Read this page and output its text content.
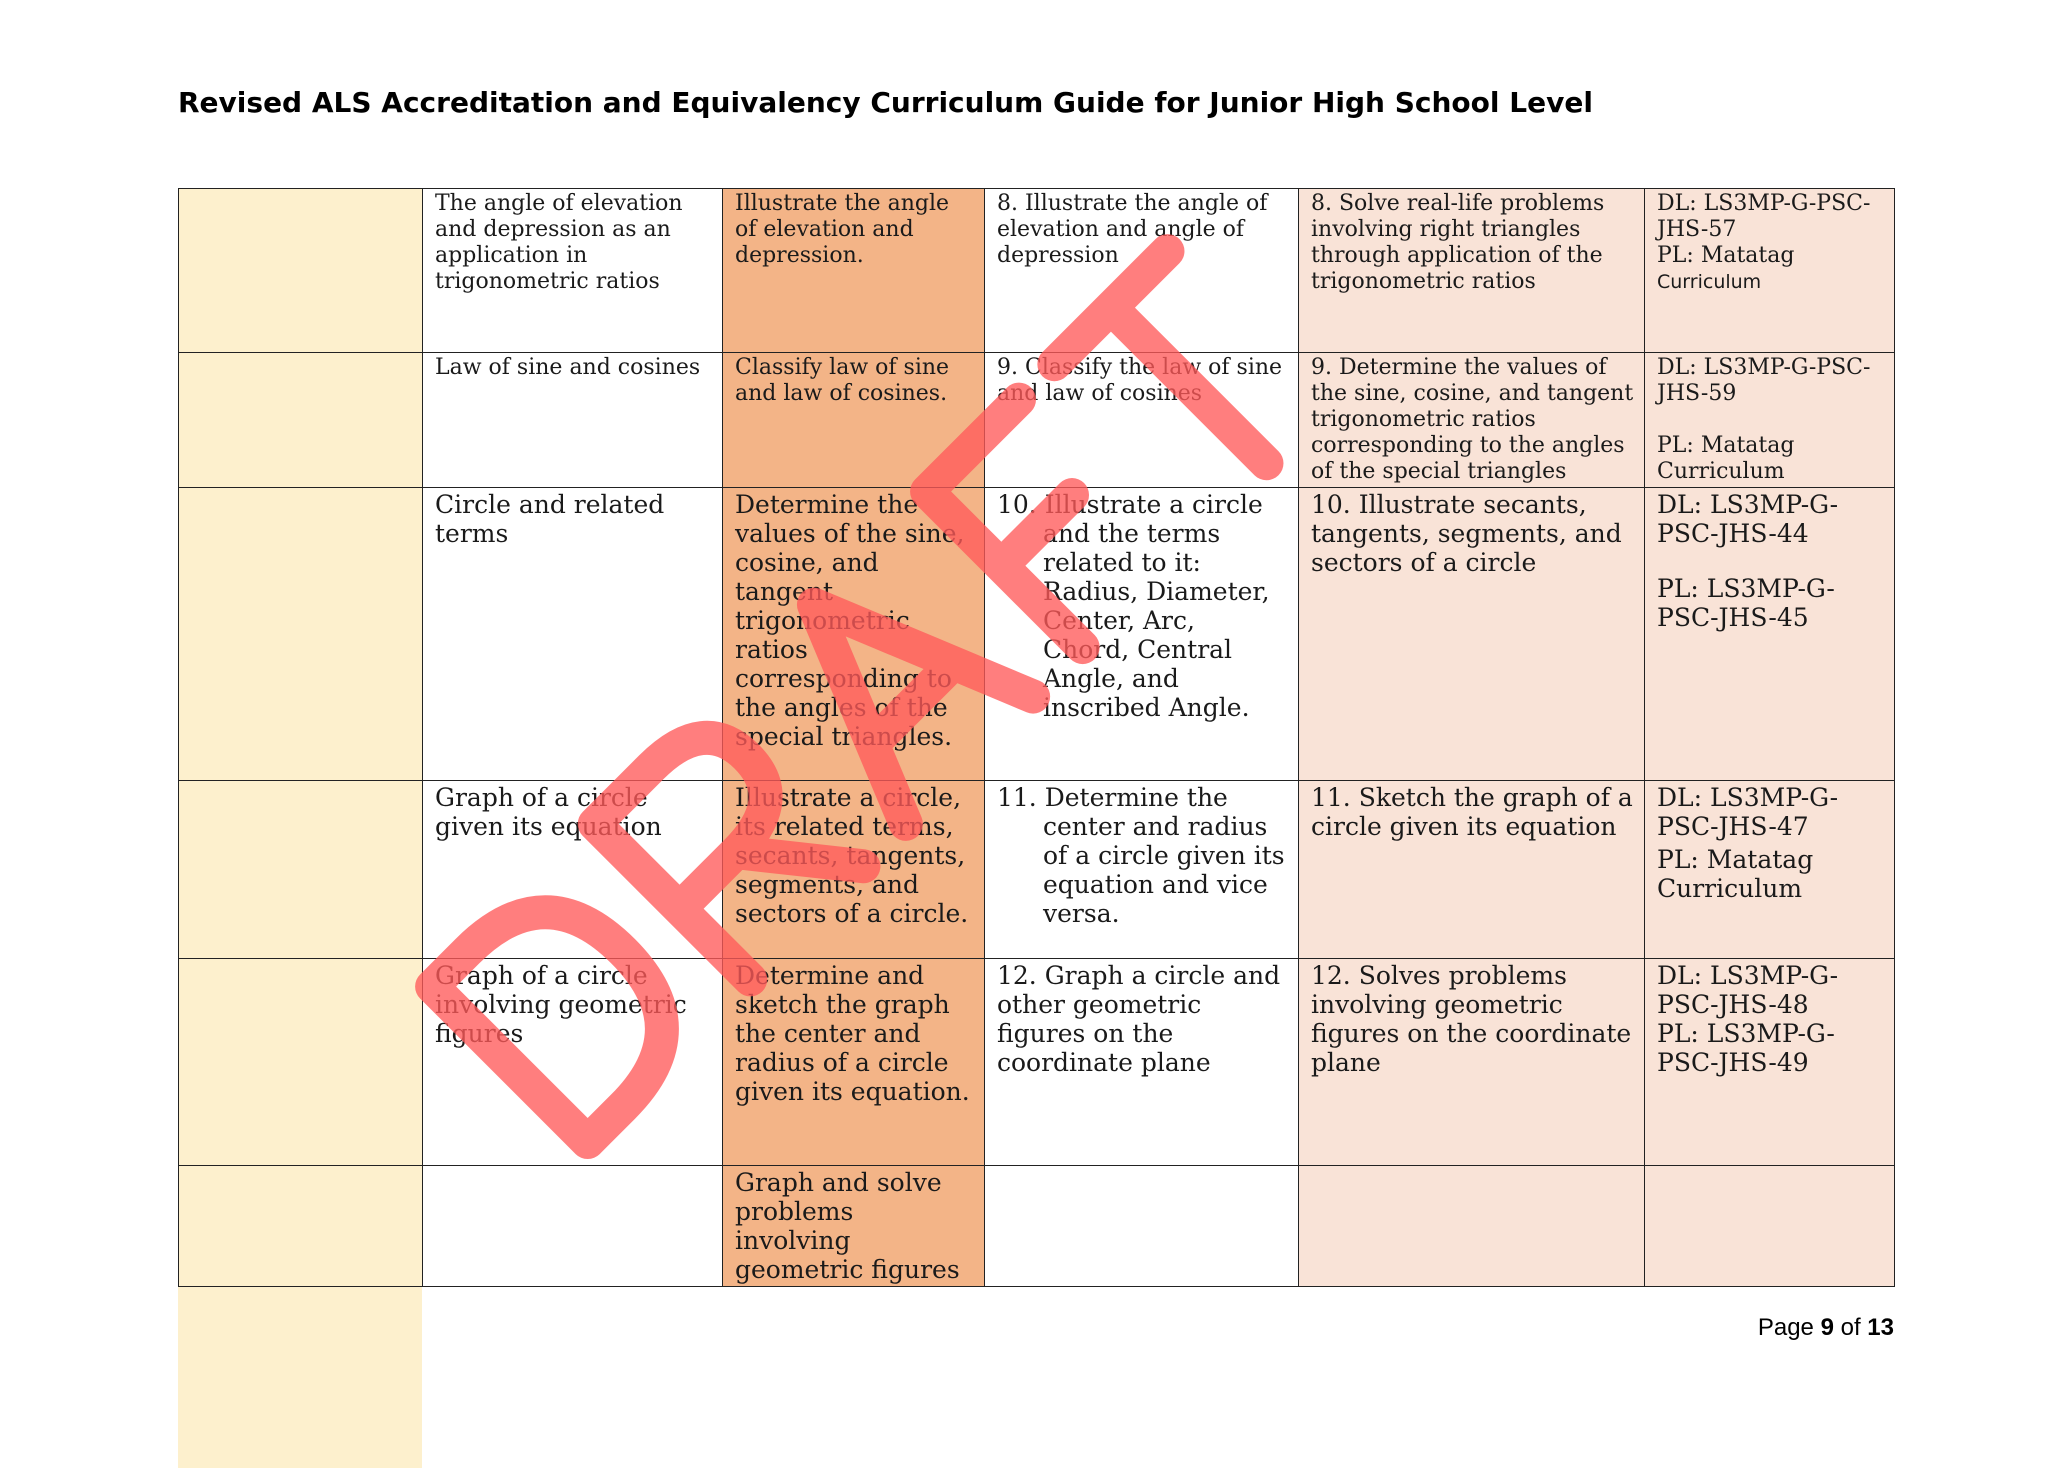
Revised ALS Accreditation and Equivalency Curriculum Guide for Junior High School Level
	The angle of elevation and depression as an application in trigonometric ratios	Illustrate the angle of elevation and depression.	8. Illustrate the angle of elevation and angle of depression	8. Solve real-life problems involving right triangles through application of the trigonometric ratios	DL: LS3MP-G-PSC-JHS-57
PL: Matatag
Curriculum

	Law of sine and cosines	Classify law of sine and law of cosines.	9. Classify the law of sine and law of cosines	9. Determine the values of the sine, cosine, and tangent trigonometric ratios corresponding to the angles of the special triangles	DL: LS3MP-G-PSC-JHS-59
PL: Matatag Curriculum

	Circle and related terms	Determine the values of the sine, cosine, and tangent trigonometric ratios corresponding to the angles of the special triangles.	10. Illustrate a circle and the terms related to it: Radius, Diameter, Center, Arc, Chord, Central Angle, and inscribed Angle.	10. Illustrate secants, tangents, segments, and sectors of a circle	DL: LS3MP-G-PSC-JHS-44
PL: LS3MP-G-PSC-JHS-45

	Graph of a circle given its equation	Illustrate a circle, its related terms, secants, tangents, segments, and sectors of a circle.	11. Determine the center and radius of a circle given its equation and vice versa.	11. Sketch the graph of a circle given its equation	DL: LS3MP-G-PSC-JHS-47
PL: Matatag Curriculum

	Graph of a circle involving geometric figures	Determine and sketch the graph the center and radius of a circle given its equation.	12. Graph a circle and other geometric figures on the coordinate plane	12. Solves problems involving geometric figures on the coordinate plane	DL: LS3MP-G-PSC-JHS-48
PL: LS3MP-G-PSC-JHS-49

		Graph and solve problems involving geometric figures			
Page 9 of 13
